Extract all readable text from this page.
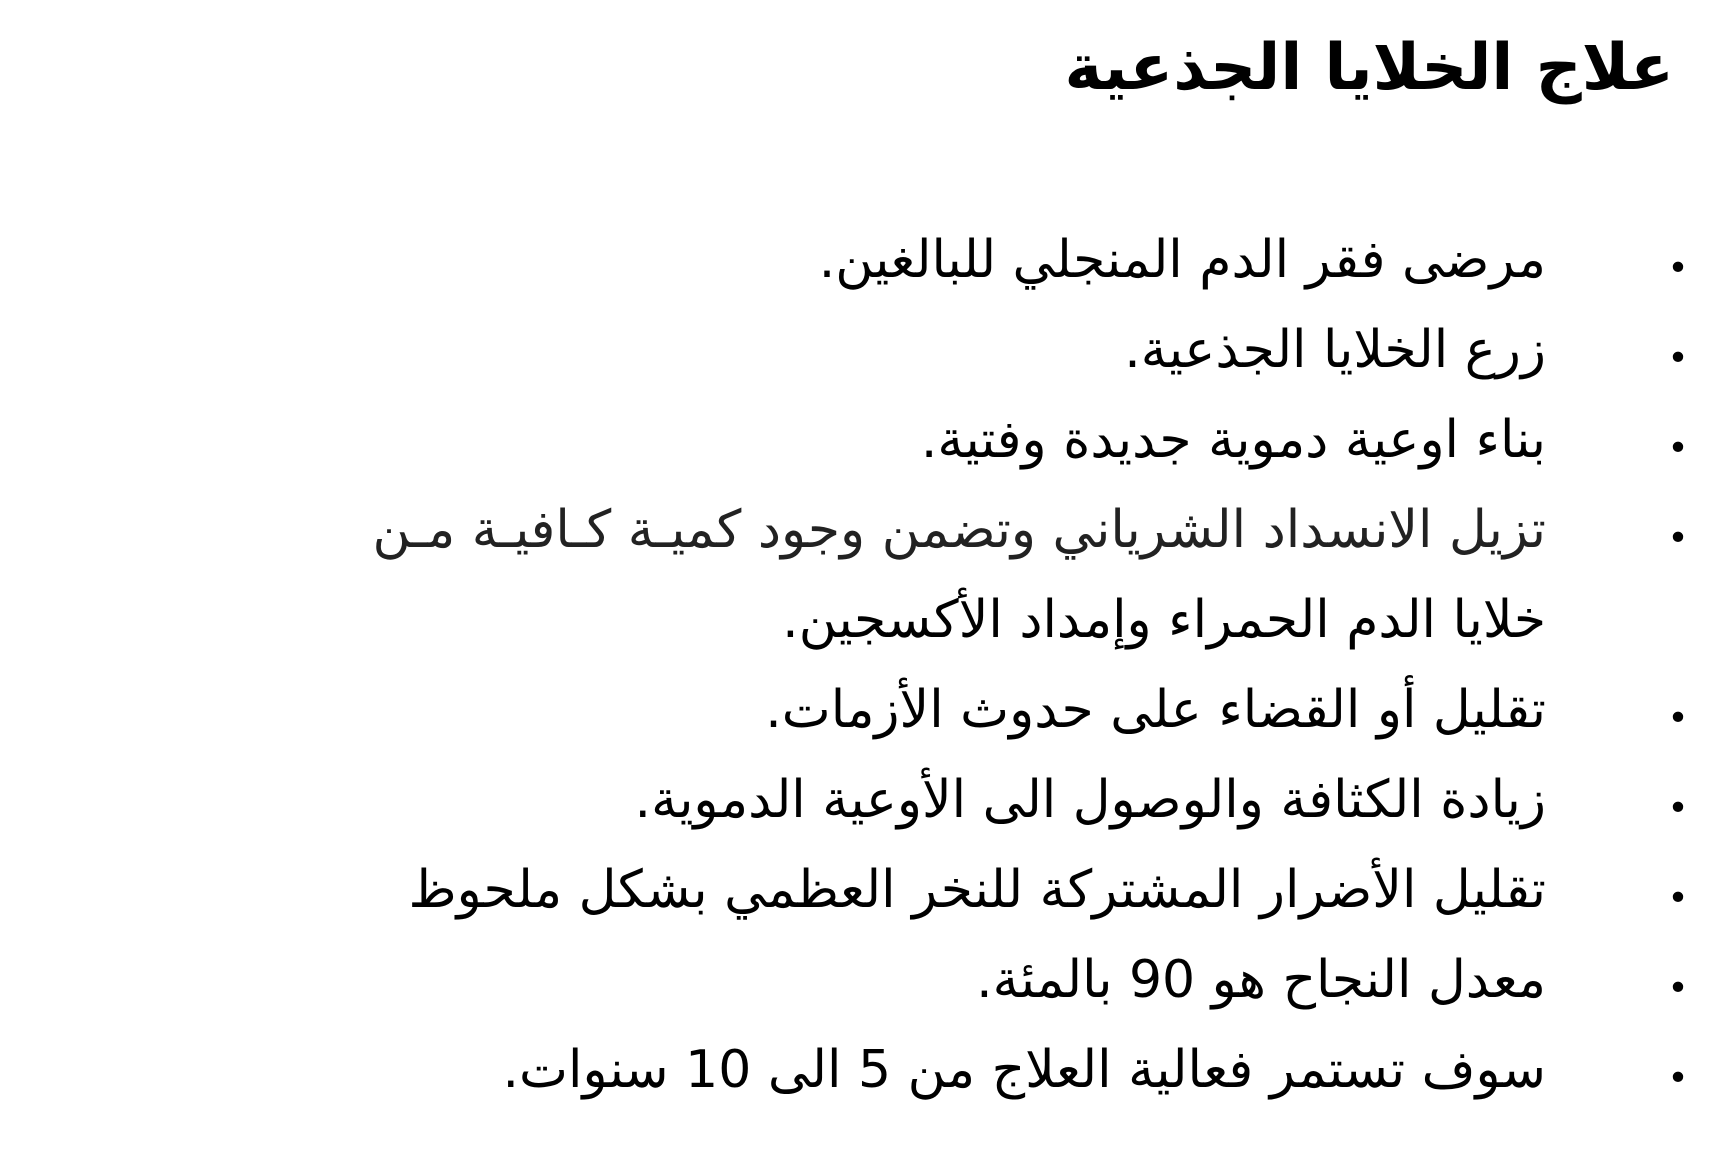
علاج الخلايا الجذعية
•
مرضى فقر الدم المنجلي للبالغين.
•
زرع الخلايا الجذعية.
•
بناء اوعية دموية جديدة وفتية.
•
تزيل الانسداد الشرياني وتضمن وجود كميـة كـافيـة مـن
خلايا الدم الحمراء وإمداد الأكسجين.
•
تقليل أو القضاء على حدوث الأزمات.
•
زيادة الكثافة والوصول الى الأوعية الدموية.
•
تقليل الأضرار المشتركة للنخر العظمي بشكل ملحوظ
•
معدل النجاح هو 90 بالمئة.
•
سوف تستمر فعالية العلاج من 5 الى 10 سنوات.
